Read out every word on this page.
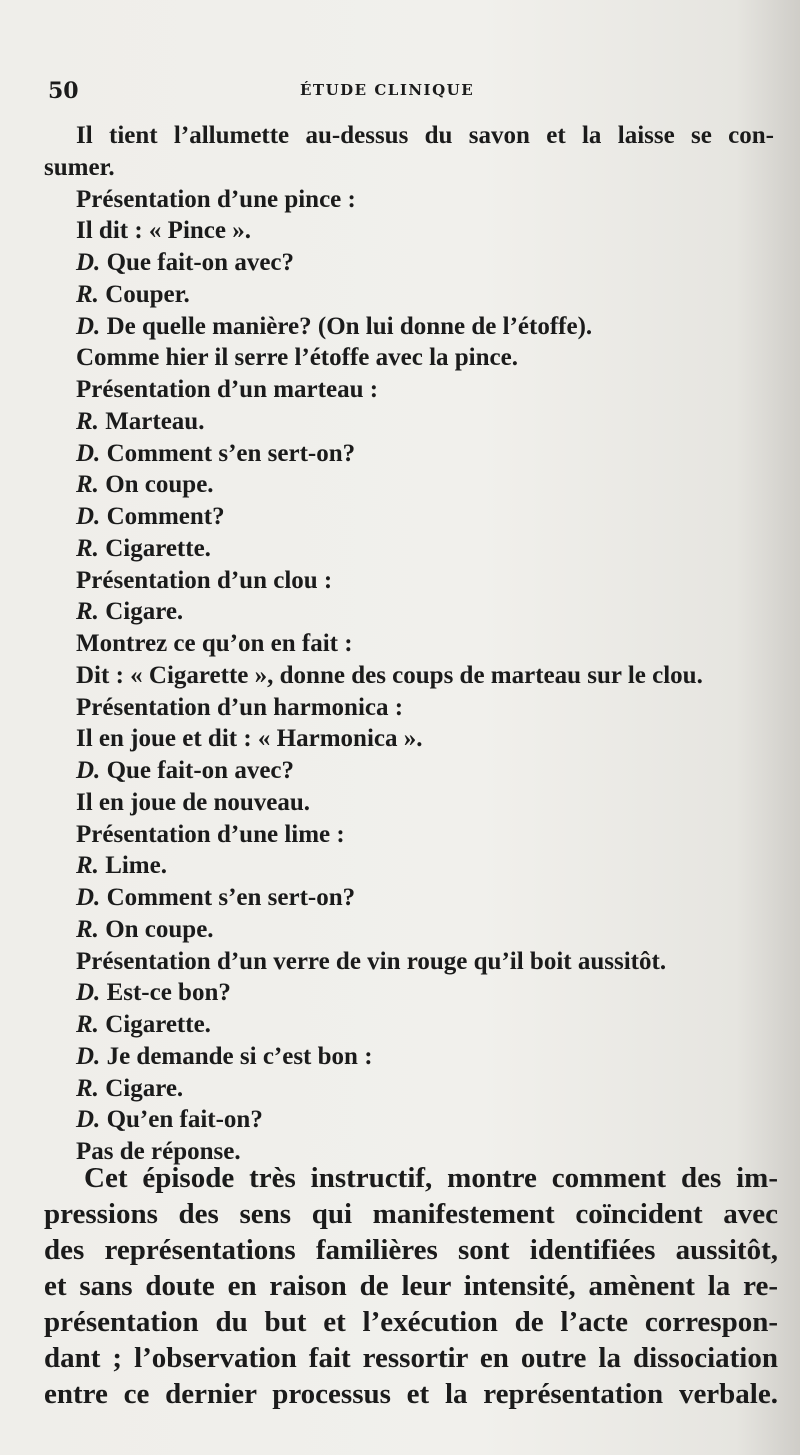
50	ÉTUDE CLINIQUE
Il tient l’allumette au-dessus du savon et la laisse se con-
sumer.
Présentation d’une pince :
Il dit : « Pince ».
D. Que fait-on avec?
R. Couper.
D. De quelle manière? (On lui donne de l’étoffe).
Comme hier il serre l’étoffe avec la pince.
Présentation d’un marteau :
R. Marteau.
D. Comment s’en sert-on?
R. On coupe.
D. Comment?
R. Cigarette.
Présentation d’un clou :
R. Cigare.
Montrez ce qu’on en fait :
Dit : « Cigarette », donne des coups de marteau sur le clou.
Présentation d’un harmonica :
Il en joue et dit : « Harmonica ».
D. Que fait-on avec?
Il en joue de nouveau.
Présentation d’une lime :
R. Lime.
D. Comment s’en sert-on?
R. On coupe.
Présentation d’un verre de vin rouge qu’il boit aussitôt.
D. Est-ce bon?
R. Cigarette.
D. Je demande si c’est bon :
R. Cigare.
D. Qu’en fait-on?
Pas de réponse.
Cet épisode très instructif, montre comment des im-
pressions des sens qui manifestement coïncident avec
des représentations familières sont identifiées aussitôt,
et sans doute en raison de leur intensité, amènent la re-
présentation du but et l’exécution de l’acte correspon-
dant ; l’observation fait ressortir en outre la dissociation
entre ce dernier processus et la représentation verbale.
